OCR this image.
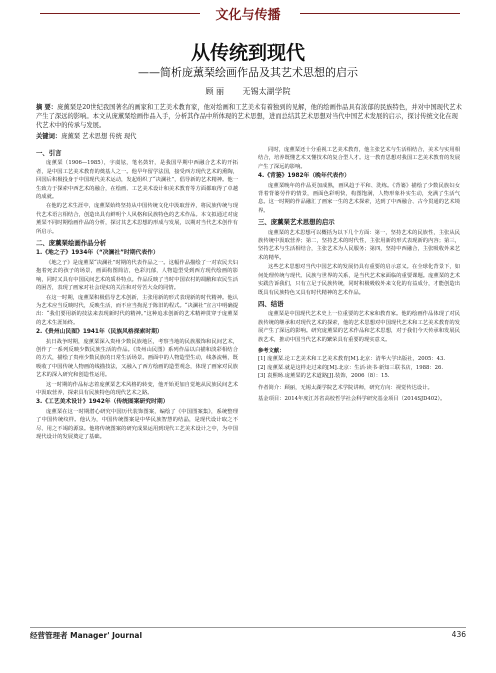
文化与传播
从传统到现代
——简析庞薰琹绘画作品及其艺术思想的启示
顾 丽 无锡太湖学院
摘 要：庞薰琹是20世纪我国著名的画家和工艺美术教育家，他对绘画和工艺美术有着独到的见解，他的绘画作品具有浓郁的民族特色，并对中国现代艺术产生了深远的影响。本文从庞薰琹绘画作品入手，分析其作品中所体现的艺术思想，进而总结其艺术思想对当代中国艺术发展的启示，探讨传统文化在现代艺术中的传承与发展。
关键词：庞薰琹 艺术思想 传统 现代
一、引言

庞薰琹（1906—1985），字虞铉，笔名鼓轩，是我国早期中西融合艺术的开拓者，是中国工艺美术教育的奠基人之一。他早年留学法国，接受西方现代艺术的熏陶，回国后积极投身于中国现代美术运动，发起组织了“决澜社”，倡导新的艺术精神。他一生致力于探索中西艺术的融合，在绘画、工艺美术设计和美术教育等方面都取得了卓越的成就。

在他的艺术生涯中，庞薰琹始终坚持从中国传统文化中汲取营养，将民族传统与现代艺术语言相结合，创造出具有鲜明个人风格和民族特色的艺术作品。本文拟通过对庞薰琹不同时期绘画作品的分析，探讨其艺术思想的形成与发展，以期对当代艺术创作有所启示。

二、庞薰琹绘画作品分析
1.《地之子》1934年（“决澜社”时期代表作）

《地之子》是庞薰琹“决澜社”时期的代表作品之一。这幅作品描绘了一对农民夫妇抱着死去的孩子的场景，画面构图简洁，色彩沉郁，人物造型受到西方现代绘画的影响，同时又具有中国民间艺术的质朴特点。作品反映了当时中国农村的凋敝和农民生活的困苦，表现了画家对社会现实的关注和对劳苦大众的同情。

在这一时期，庞薰琹积极倡导艺术创新，主张用新的形式表现新的时代精神。他认为艺术应当反映时代，反映生活，而不应当拘泥于陈旧的程式。“决澜社”宣言中明确提出：“我们要用新的技法来表现新时代的精神。”这种追求创新的艺术精神贯穿于庞薰琹的艺术生涯始终。

2.《贵州山民图》1941年（民族风格探索时期）

抗日战争时期，庞薰琹深入贵州少数民族地区，考察当地的民族服饰和民间艺术，创作了一系列反映少数民族生活的作品。《贵州山民图》系列作品以白描和淡彩相结合的方式，描绘了贵州少数民族的日常生活场景。画面中的人物造型生动，线条流畅，既吸收了中国传统人物画的线描技法，又融入了西方绘画的造型观念，体现了画家对民族艺术的深入研究和创造性运用。

这一时期的作品标志着庞薰琹艺术风格的转变，他开始更加自觉地从民族民间艺术中汲取营养，探索具有民族特色的现代艺术之路。

3.《工艺美术设计》1942年（传统图案研究时期）

庞薰琹在这一时期潜心研究中国历代装饰图案，编绘了《中国图案集》，系统整理了中国传统纹样。他认为，中国传统图案是中华民族智慧的结晶，是现代设计取之不尽、用之不竭的源泉。他将传统图案的研究成果运用到现代工艺美术设计之中，为中国现代设计的发展奠定了基础。

同时，庞薰琹还十分重视工艺美术教育，他主张艺术与生活相结合，美术与实用相结合，培养既懂艺术又懂技术的复合型人才。这一教育思想对我国工艺美术教育的发展产生了深远的影响。

4.《背篓》1982年（晚年代表作）

庞薰琹晚年的作品更加成熟，画风趋于平和、洗练。《背篓》描绘了少数民族妇女背着背篓劳作的情景，画面色彩明快，构图饱满，人物形象朴实生动，充满了生活气息。这一时期的作品融汇了画家一生的艺术探索，达到了中西融合、古今贯通的艺术境界。

三、庞薰琹艺术思想的启示

庞薰琹的艺术思想可以概括为以下几个方面：第一，坚持艺术的民族性，主张从民族传统中汲取营养；第二，坚持艺术的时代性，主张用新的形式表现新的内容；第三，坚持艺术与生活相结合，主张艺术为人民服务；第四，坚持中西融合，主张吸收外来艺术的精华。

这些艺术思想对当代中国艺术的发展仍具有重要的启示意义。在全球化背景下，如何处理传统与现代、民族与世界的关系，是当代艺术家面临的重要课题。庞薰琹的艺术实践告诉我们，只有立足于民族传统，同时积极吸收外来文化的有益成分，才能创造出既具有民族特色又具有时代精神的艺术作品。

四、结语

庞薰琹是中国现代艺术史上一位重要的艺术家和教育家。他的绘画作品体现了对民族传统的继承和对现代艺术的探索，他的艺术思想对中国现代艺术和工艺美术教育的发展产生了深远的影响。研究庞薰琹的艺术作品和艺术思想，对于我们今天传承和发展民族艺术，推动中国当代艺术的繁荣具有重要的现实意义。

参考文献：
[1] 庞薰琹.论工艺美术和工艺美术教育[M].北京：清华大学出版社，2005：43.
[2] 庞薰琹.就是这样走过来的[M].北京：生活·读书·新知三联书店，1988：26.
[3] 袁熙旸.庞薰琹的艺术道路[J].装饰，2006（8）：15.
作者简介：顾丽，无锡太湖学院艺术学院讲师，研究方向：视觉传达设计。
基金项目：2014年度江苏省高校哲学社会科学研究基金项目（2014SJD402）。
经营管理者 Manager' Journal	436
